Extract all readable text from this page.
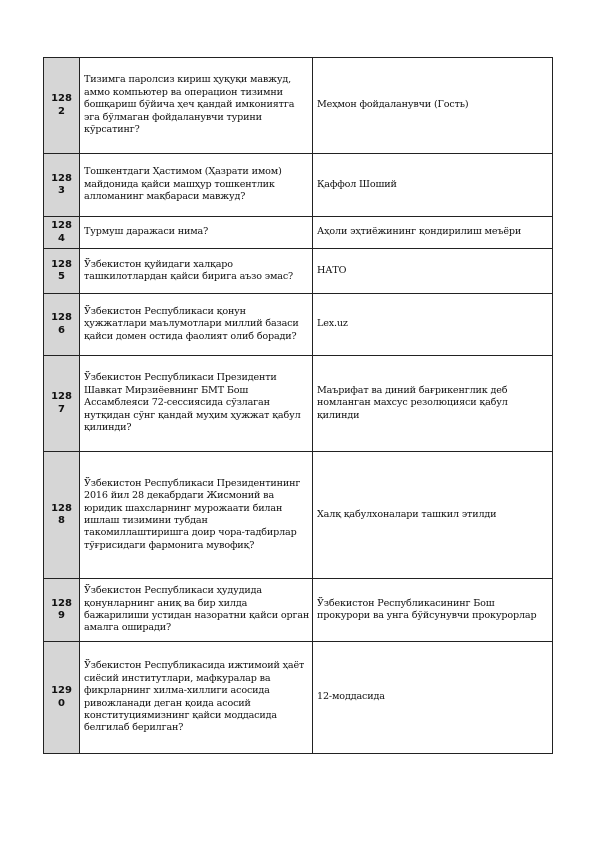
128
2	Тизимга паролсиз кириш ҳуқуқи мавжуд, аммо компьютер ва операцион тизимни бошқариш бўйича ҳеч қандай имкониятга эга бўлмаган фойдаланувчи турини кўрсатинг?	Меҳмон фойдаланувчи (Гость)

128
3	Тошкентдаги Ҳастимом (Ҳазрати имом) майдонида қайси машҳур тошкентлик алломанинг мақбараси мавжуд?	Қаффол Шоший

128
4	Турмуш даражаси нима?	Аҳоли эҳтиёжининг қондирилиш меъёри

128
5	Ўзбекистон қуйидаги халқаро ташкилотлардан қайси бирига аъзо эмас?	НАТО

128
6	Ўзбекистон Республикаси қонун ҳужжатлари маълумотлари миллий базаси қайси домен остида фаолият олиб боради?	Lex.uz

128
7	Ўзбекистон Республикаси Президенти Шавкат Мирзиёевнинг БМТ Бош Ассамблеяси 72-сессиясида сўзлаган нутқидан сўнг қандай муҳим ҳужжат қабул қилинди?	Маърифат ва диний бағрикенглик деб номланган махсус резолюцияси қабул қилинди

128
8	Ўзбекистон Республикаси Президентининг 2016 йил 28 декабрдаги Жисмоний ва юридик шахсларнинг мурожаати билан ишлаш тизимини тубдан такомиллаштиришга доир чора-тадбирлар тўғрисидаги фармонига мувофиқ?	Халқ қабулхоналари ташкил этилди

128
9	Ўзбекистон Республикаси ҳудудида қонунларнинг аниқ ва бир хилда бажарилиши устидан назоратни қайси орган амалга оширади?	Ўзбекистон Республикасининг Бош прокурори ва унга бўйсунувчи прокурорлар

129
0	Ўзбекистон Республикасида ижтимоий ҳаёт сиёсий институтлари, мафкуралар ва фикрларнинг хилма-хиллиги асосида ривожланади деган қоида асосий конституциямизнинг қайси моддасида белгилаб берилган?	12-моддасида
